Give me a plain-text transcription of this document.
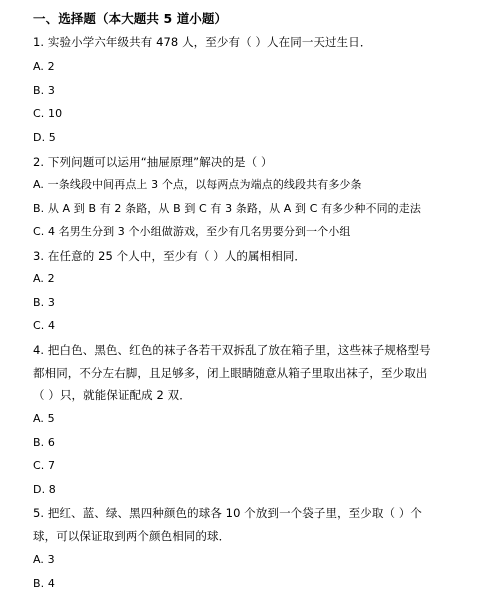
一、选择题（本大题共 5 道小题）
1. 实验小学六年级共有 478 人，至少有（ ）人在同一天过生日．
A. 2
B. 3
C. 10
D. 5
2. 下列问题可以运用“抽屉原理”解决的是（ ）
A. 一条线段中间再点上 3 个点，以每两点为端点的线段共有多少条
B. 从 A 到 B 有 2 条路，从 B 到 C 有 3 条路，从 A 到 C 有多少种不同的走法
C. 4 名男生分到 3 个小组做游戏，至少有几名男要分到一个小组
3. 在任意的 25 个人中，至少有（ ）人的属相相同．
A. 2
B. 3
C. 4
4. 把白色、黑色、红色的袜子各若干双拆乱了放在箱子里，这些袜子规格型号
都相同，不分左右脚，且足够多，闭上眼睛随意从箱子里取出袜子，至少取出
（ ）只，就能保证配成 2 双．
A. 5
B. 6
C. 7
D. 8
5. 把红、蓝、绿、黑四种颜色的球各 10 个放到一个袋子里，至少取（ ）个
球，可以保证取到两个颜色相同的球．
A. 3
B. 4
